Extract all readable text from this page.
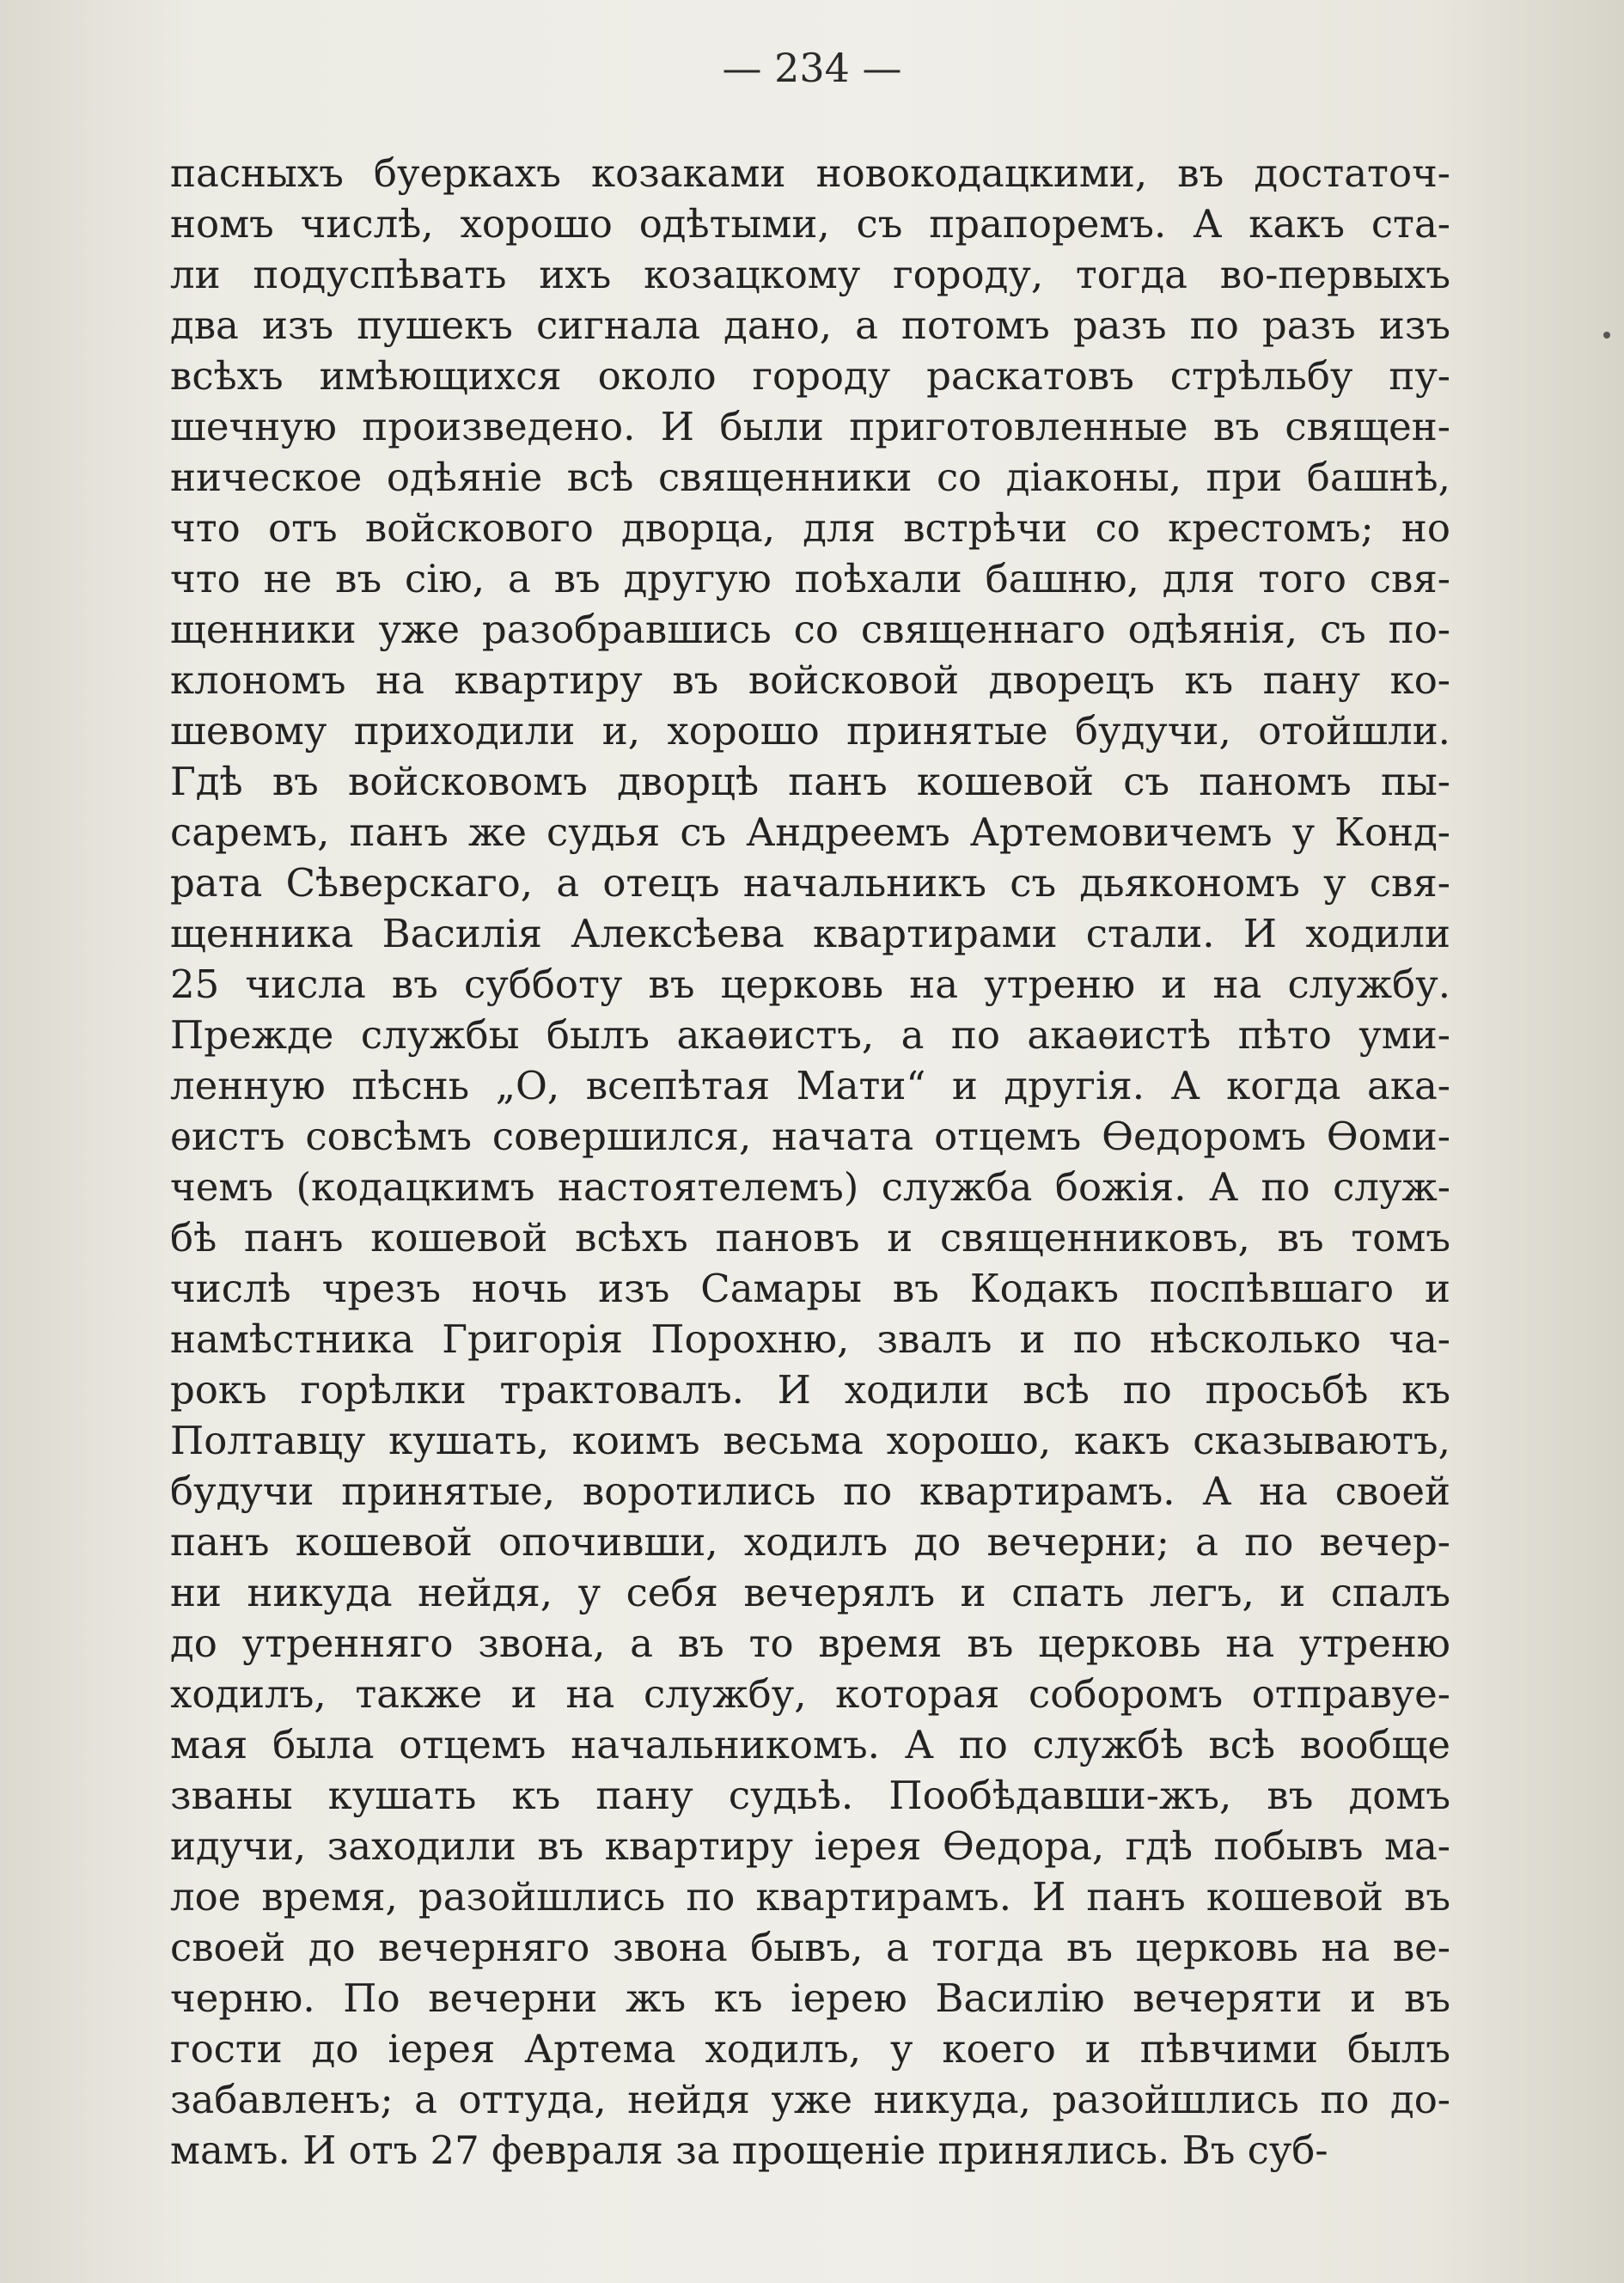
— 234 —
пасныхъ буеркахъ козаками новокодацкими, въ достаточ-
номъ числѣ, хорошо одѣтыми, съ прапоремъ. А какъ ста-
ли подуспѣвать ихъ козацкому городу, тогда во-первыхъ
два изъ пушекъ сигнала дано, а потомъ разъ по разъ изъ
всѣхъ имѣющихся около городу раскатовъ стрѣльбу пу-
шечную произведено. И были приготовленные въ священ-
ническое одѣяніе всѣ священники со діаконы, при башнѣ,
что отъ войскового дворца, для встрѣчи со крестомъ; но
что не въ сію, а въ другую поѣхали башню, для того свя-
щенники уже разобравшись со священнаго одѣянія, съ по-
клономъ на квартиру въ войсковой дворецъ къ пану ко-
шевому приходили и, хорошо принятые будучи, отойшли.
Гдѣ въ войсковомъ дворцѣ панъ кошевой съ паномъ пы-
саремъ, панъ же судья съ Андреемъ Артемовичемъ у Конд-
рата Сѣверскаго, а отецъ начальникъ съ дьякономъ у свя-
щенника Василія Алексѣева квартирами стали. И ходили
25 числа въ субботу въ церковь на утреню и на службу.
Прежде службы былъ акаѳистъ, а по акаѳистѣ пѣто уми-
ленную пѣснь „О, всепѣтая Мати“ и другія. А когда ака-
ѳистъ совсѣмъ совершился, начата отцемъ Ѳедоромъ Ѳоми-
чемъ (кодацкимъ настоятелемъ) служба божія. А по служ-
бѣ панъ кошевой всѣхъ пановъ и священниковъ, въ томъ
числѣ чрезъ ночь изъ Самары въ Кодакъ поспѣвшаго и
намѣстника Григорія Порохню, звалъ и по нѣсколько ча-
рокъ горѣлки трактовалъ. И ходили всѣ по просьбѣ къ
Полтавцу кушать, коимъ весьма хорошо, какъ сказываютъ,
будучи принятые, воротились по квартирамъ. А на своей
панъ кошевой опочивши, ходилъ до вечерни; а по вечер-
ни никуда нейдя, у себя вечерялъ и спать легъ, и спалъ
до утренняго звона, а въ то время въ церковь на утреню
ходилъ, также и на службу, которая соборомъ отправуе-
мая была отцемъ начальникомъ. А по службѣ всѣ вообще
званы кушать къ пану судьѣ. Пообѣдавши-жъ, въ домъ
идучи, заходили въ квартиру іерея Ѳедора, гдѣ побывъ ма-
лое время, разойшлись по квартирамъ. И панъ кошевой въ
своей до вечерняго звона бывъ, а тогда въ церковь на ве-
черню. По вечерни жъ къ іерею Василію вечеряти и въ
гости до іерея Артема ходилъ, у коего и пѣвчими былъ
забавленъ; а оттуда, нейдя уже никуда, разойшлись по до-
мамъ. И отъ 27 февраля за прощеніе принялись. Въ суб-
